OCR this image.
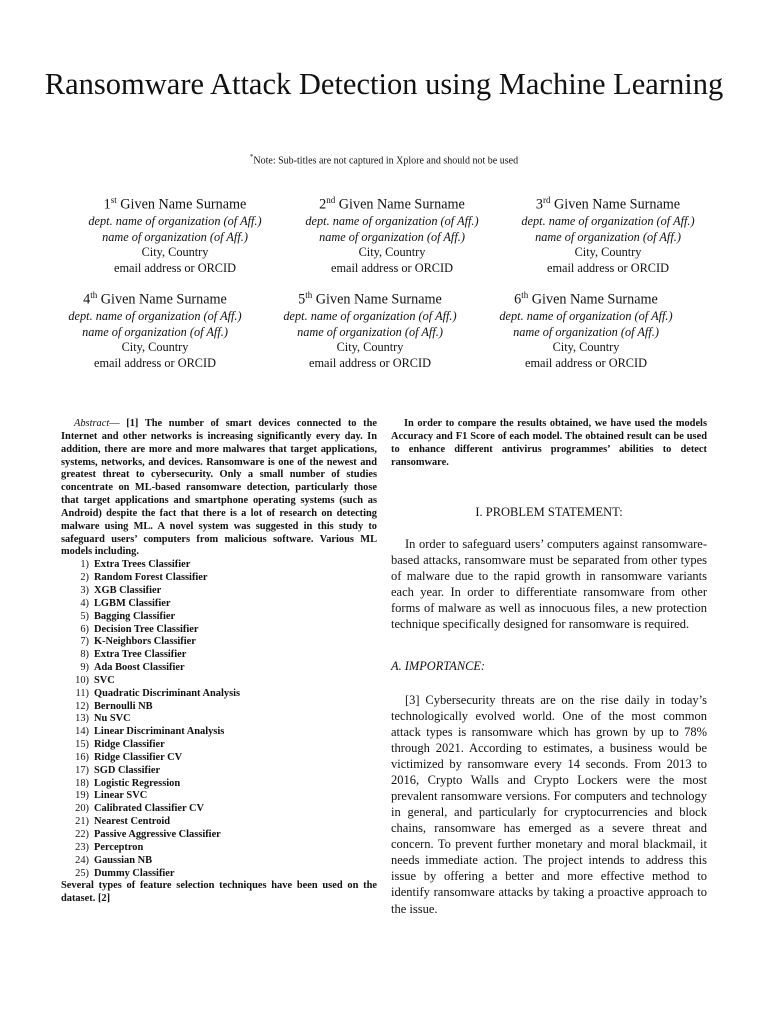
Ransomware Attack Detection using Machine Learning
*Note: Sub-titles are not captured in Xplore and should not be used
1st Given Name Surname
dept. name of organization (of Aff.)
name of organization (of Aff.)
City, Country
email address or ORCID
2nd Given Name Surname
dept. name of organization (of Aff.)
name of organization (of Aff.)
City, Country
email address or ORCID
3rd Given Name Surname
dept. name of organization (of Aff.)
name of organization (of Aff.)
City, Country
email address or ORCID
4th Given Name Surname
dept. name of organization (of Aff.)
name of organization (of Aff.)
City, Country
email address or ORCID
5th Given Name Surname
dept. name of organization (of Aff.)
name of organization (of Aff.)
City, Country
email address or ORCID
6th Given Name Surname
dept. name of organization (of Aff.)
name of organization (of Aff.)
City, Country
email address or ORCID
Abstract— [1] The number of smart devices connected to the Internet and other networks is increasing significantly every day. In addition, there are more and more malwares that target applications, systems, networks, and devices. Ransomware is one of the newest and greatest threat to cybersecurity. Only a small number of studies concentrate on ML-based ransomware detection, particularly those that target applications and smartphone operating systems (such as Android) despite the fact that there is a lot of research on detecting malware using ML. A novel system was suggested in this study to safeguard users’ computers from malicious software. Various ML models including.
1) Extra Trees Classifier
2) Random Forest Classifier
3) XGB Classifier
4) LGBM Classifier
5) Bagging Classifier
6) Decision Tree Classifier
7) K-Neighbors Classifier
8) Extra Tree Classifier
9) Ada Boost Classifier
10) SVC
11) Quadratic Discriminant Analysis
12) Bernoulli NB
13) Nu SVC
14) Linear Discriminant Analysis
15) Ridge Classifier
16) Ridge Classifier CV
17) SGD Classifier
18) Logistic Regression
19) Linear SVC
20) Calibrated Classifier CV
21) Nearest Centroid
22) Passive Aggressive Classifier
23) Perceptron
24) Gaussian NB
25) Dummy Classifier
Several types of feature selection techniques have been used on the dataset. [2]

In order to compare the results obtained, we have used the models Accuracy and F1 Score of each model. The obtained result can be used to enhance different antivirus programmes’ abilities to detect ransomware.

I. PROBLEM STATEMENT:

In order to safeguard users’ computers against ransomware-based attacks, ransomware must be separated from other types of malware due to the rapid growth in ransomware variants each year. In order to differentiate ransomware from other forms of malware as well as innocuous files, a new protection technique specifically designed for ransomware is required.

A. IMPORTANCE:

[3] Cybersecurity threats are on the rise daily in today’s technologically evolved world. One of the most common attack types is ransomware which has grown by up to 78% through 2021. According to estimates, a business would be victimized by ransomware every 14 seconds. From 2013 to 2016, Crypto Walls and Crypto Lockers were the most prevalent ransomware versions. For computers and technology in general, and particularly for cryptocurrencies and block chains, ransomware has emerged as a severe threat and concern. To prevent further monetary and moral blackmail, it needs immediate action. The project intends to address this issue by offering a better and more effective method to identify ransomware attacks by taking a proactive approach to the issue.
